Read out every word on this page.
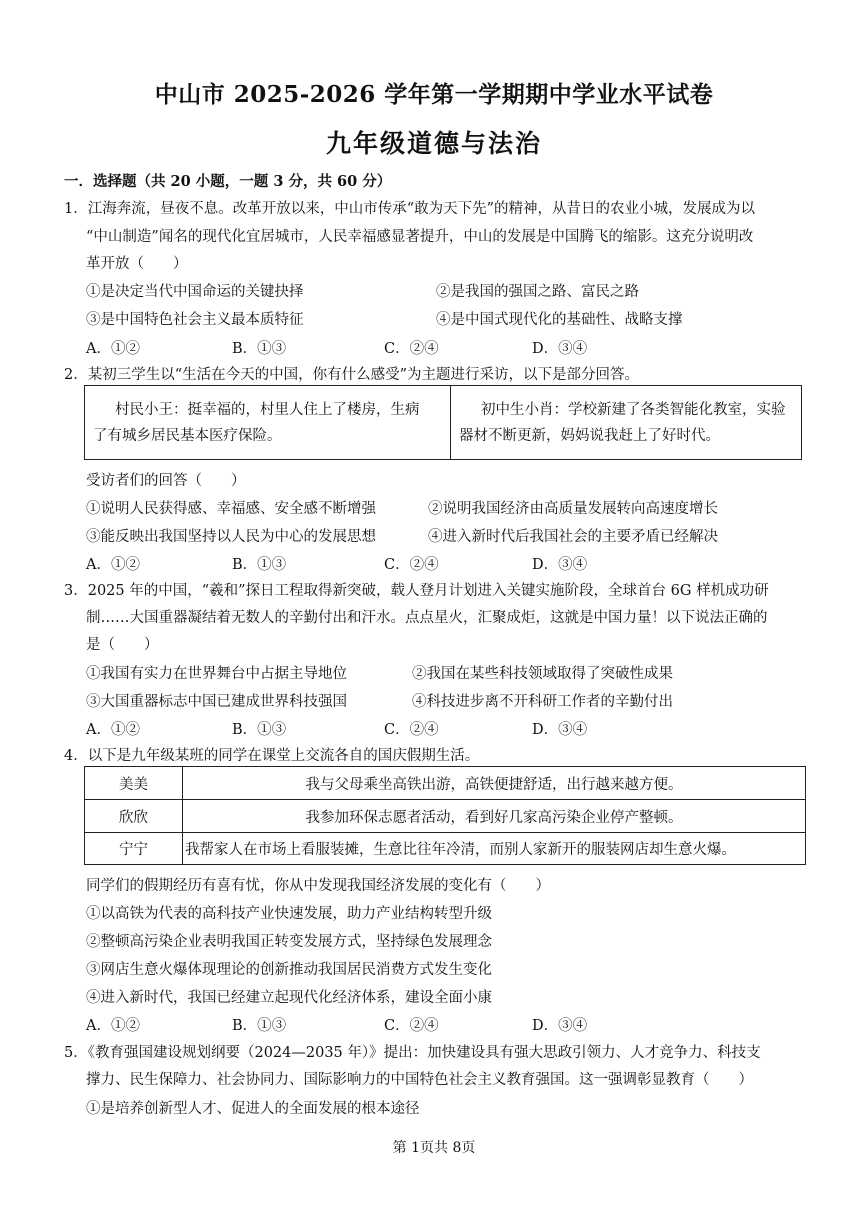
中山市 2025-2026 学年第一学期期中学业水平试卷
九年级道德与法治
一．选择题（共 20 小题，一题 3 分，共 60 分）
1．江海奔流，昼夜不息。改革开放以来，中山市传承“敢为天下先”的精神，从昔日的农业小城，发展成为以
“中山制造”闻名的现代化宜居城市，人民幸福感显著提升，中山的发展是中国腾飞的缩影。这充分说明改
革开放（　　）
①是决定当代中国命运的关键抉择	②是我国的强国之路、富民之路
③是中国特色社会主义最本质特征	④是中国式现代化的基础性、战略支撑
A．①②	B．①③	C．②④	D．③④
2．某初三学生以“生活在今天的中国，你有什么感受”为主题进行采访，以下是部分回答。
村民小王：挺幸福的，村里人住上了楼房，生病
了有城乡居民基本医疗保险。

初中生小肖：学校新建了各类智能化教室，实验
器材不断更新，妈妈说我赶上了好时代。
受访者们的回答（　　）
①说明人民获得感、幸福感、安全感不断增强	②说明我国经济由高质量发展转向高速度增长
③能反映出我国坚持以人民为中心的发展思想	④进入新时代后我国社会的主要矛盾已经解决
A．①②	B．①③	C．②④	D．③④
3．2025 年的中国，“羲和”探日工程取得新突破，载人登月计划进入关键实施阶段，全球首台 6G 样机成功研
制……大国重器凝结着无数人的辛勤付出和汗水。点点星火，汇聚成炬，这就是中国力量！以下说法正确的
是（　　）
①我国有实力在世界舞台中占据主导地位	②我国在某些科技领域取得了突破性成果
③大国重器标志中国已建成世界科技强国	④科技进步离不开科研工作者的辛勤付出
A．①②	B．①③	C．②④	D．③④
4．以下是九年级某班的同学在课堂上交流各自的国庆假期生活。
美美	我与父母乘坐高铁出游，高铁便捷舒适，出行越来越方便。
欣欣	我参加环保志愿者活动，看到好几家高污染企业停产整顿。
宁宁	我帮家人在市场上看服装摊，生意比往年冷清，而别人家新开的服装网店却生意火爆。
同学们的假期经历有喜有忧，你从中发现我国经济发展的变化有（　　）
①以高铁为代表的高科技产业快速发展，助力产业结构转型升级
②整顿高污染企业表明我国正转变发展方式，坚持绿色发展理念
③网店生意火爆体现理论的创新推动我国居民消费方式发生变化
④进入新时代，我国已经建立起现代化经济体系，建设全面小康
A．①②	B．①③	C．②④	D．③④
5．《教育强国建设规划纲要（2024—2035 年）》提出：加快建设具有强大思政引领力、人才竞争力、科技支
撑力、民生保障力、社会协同力、国际影响力的中国特色社会主义教育强国。这一强调彰显教育（　　）
①是培养创新型人才、促进人的全面发展的根本途径
第 1页共 8页
